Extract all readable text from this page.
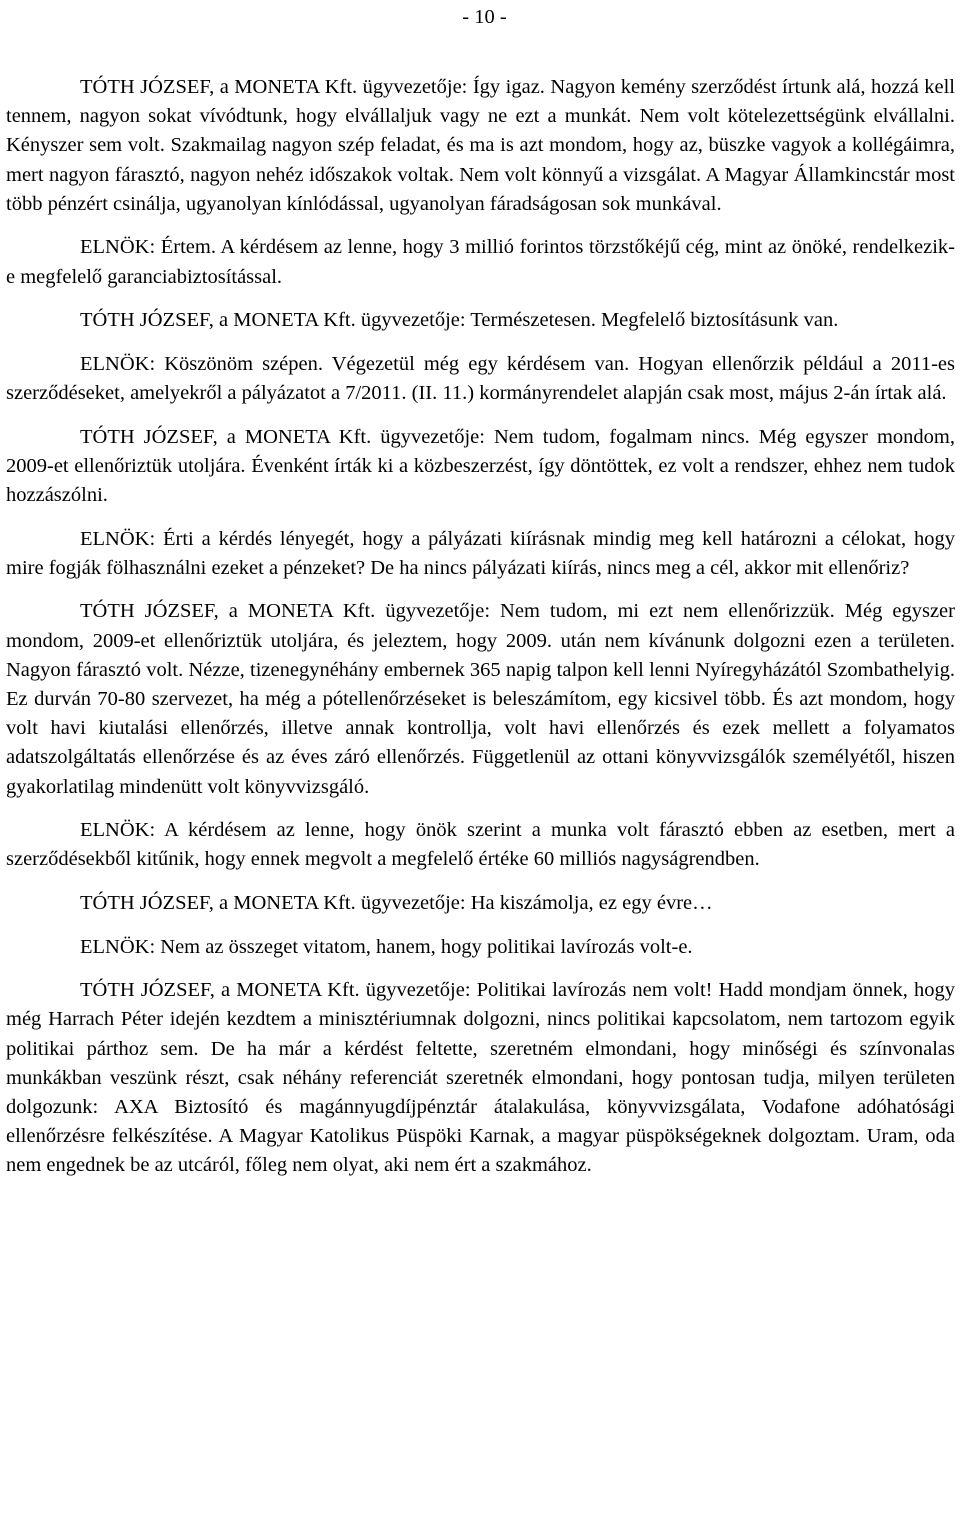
- 10 -

TÓTH JÓZSEF, a MONETA Kft. ügyvezetője: Így igaz. Nagyon kemény szerződést írtunk alá, hozzá kell tennem, nagyon sokat vívódtunk, hogy elvállaljuk vagy ne ezt a munkát. Nem volt kötelezettségünk elvállalni. Kényszer sem volt. Szakmailag nagyon szép feladat, és ma is azt mondom, hogy az, büszke vagyok a kollégáimra, mert nagyon fárasztó, nagyon nehéz időszakok voltak. Nem volt könnyű a vizsgálat. A Magyar Államkincstár most több pénzért csinálja, ugyanolyan kínlódással, ugyanolyan fáradságosan sok munkával.

ELNÖK: Értem. A kérdésem az lenne, hogy 3 millió forintos törzstőkéjű cég, mint az önöké, rendelkezik-e megfelelő garanciabiztosítással.

TÓTH JÓZSEF, a MONETA Kft. ügyvezetője: Természetesen. Megfelelő biztosításunk van.

ELNÖK: Köszönöm szépen. Végezetül még egy kérdésem van. Hogyan ellenőrzik például a 2011-es szerződéseket, amelyekről a pályázatot a 7/2011. (II. 11.) kormányrendelet alapján csak most, május 2-án írtak alá.

TÓTH JÓZSEF, a MONETA Kft. ügyvezetője: Nem tudom, fogalmam nincs. Még egyszer mondom, 2009-et ellenőriztük utoljára. Évenként írták ki a közbeszerzést, így döntöttek, ez volt a rendszer, ehhez nem tudok hozzászólni.

ELNÖK: Érti a kérdés lényegét, hogy a pályázati kiírásnak mindig meg kell határozni a célokat, hogy mire fogják fölhasználni ezeket a pénzeket? De ha nincs pályázati kiírás, nincs meg a cél, akkor mit ellenőriz?

TÓTH JÓZSEF, a MONETA Kft. ügyvezetője: Nem tudom, mi ezt nem ellenőrizzük. Még egyszer mondom, 2009-et ellenőriztük utoljára, és jeleztem, hogy 2009. után nem kívánunk dolgozni ezen a területen. Nagyon fárasztó volt. Nézze, tizenegynéhány embernek 365 napig talpon kell lenni Nyíregyházától Szombathelyig. Ez durván 70-80 szervezet, ha még a pótellenőrzéseket is beleszámítom, egy kicsivel több. És azt mondom, hogy volt havi kiutalási ellenőrzés, illetve annak kontrollja, volt havi ellenőrzés és ezek mellett a folyamatos adatszolgáltatás ellenőrzése és az éves záró ellenőrzés. Függetlenül az ottani könyvvizsgálók személyétől, hiszen gyakorlatilag mindenütt volt könyvvizsgáló.

ELNÖK: A kérdésem az lenne, hogy önök szerint a munka volt fárasztó ebben az esetben, mert a szerződésekből kitűnik, hogy ennek megvolt a megfelelő értéke 60 milliós nagyságrendben.

TÓTH JÓZSEF, a MONETA Kft. ügyvezetője: Ha kiszámolja, ez egy évre…

ELNÖK: Nem az összeget vitatom, hanem, hogy politikai lavírozás volt-e.

TÓTH JÓZSEF, a MONETA Kft. ügyvezetője: Politikai lavírozás nem volt! Hadd mondjam önnek, hogy még Harrach Péter idején kezdtem a minisztériumnak dolgozni, nincs politikai kapcsolatom, nem tartozom egyik politikai párthoz sem. De ha már a kérdést feltette, szeretném elmondani, hogy minőségi és színvonalas munkákban veszünk részt, csak néhány referenciát szeretnék elmondani, hogy pontosan tudja, milyen területen dolgozunk: AXA Biztosító és magánnyugdíjpénztár átalakulása, könyvvizsgálata, Vodafone adóhatósági ellenőrzésre felkészítése. A Magyar Katolikus Püspöki Karnak, a magyar püspökségeknek dolgoztam. Uram, oda nem engednek be az utcáról, főleg nem olyat, aki nem ért a szakmához.
